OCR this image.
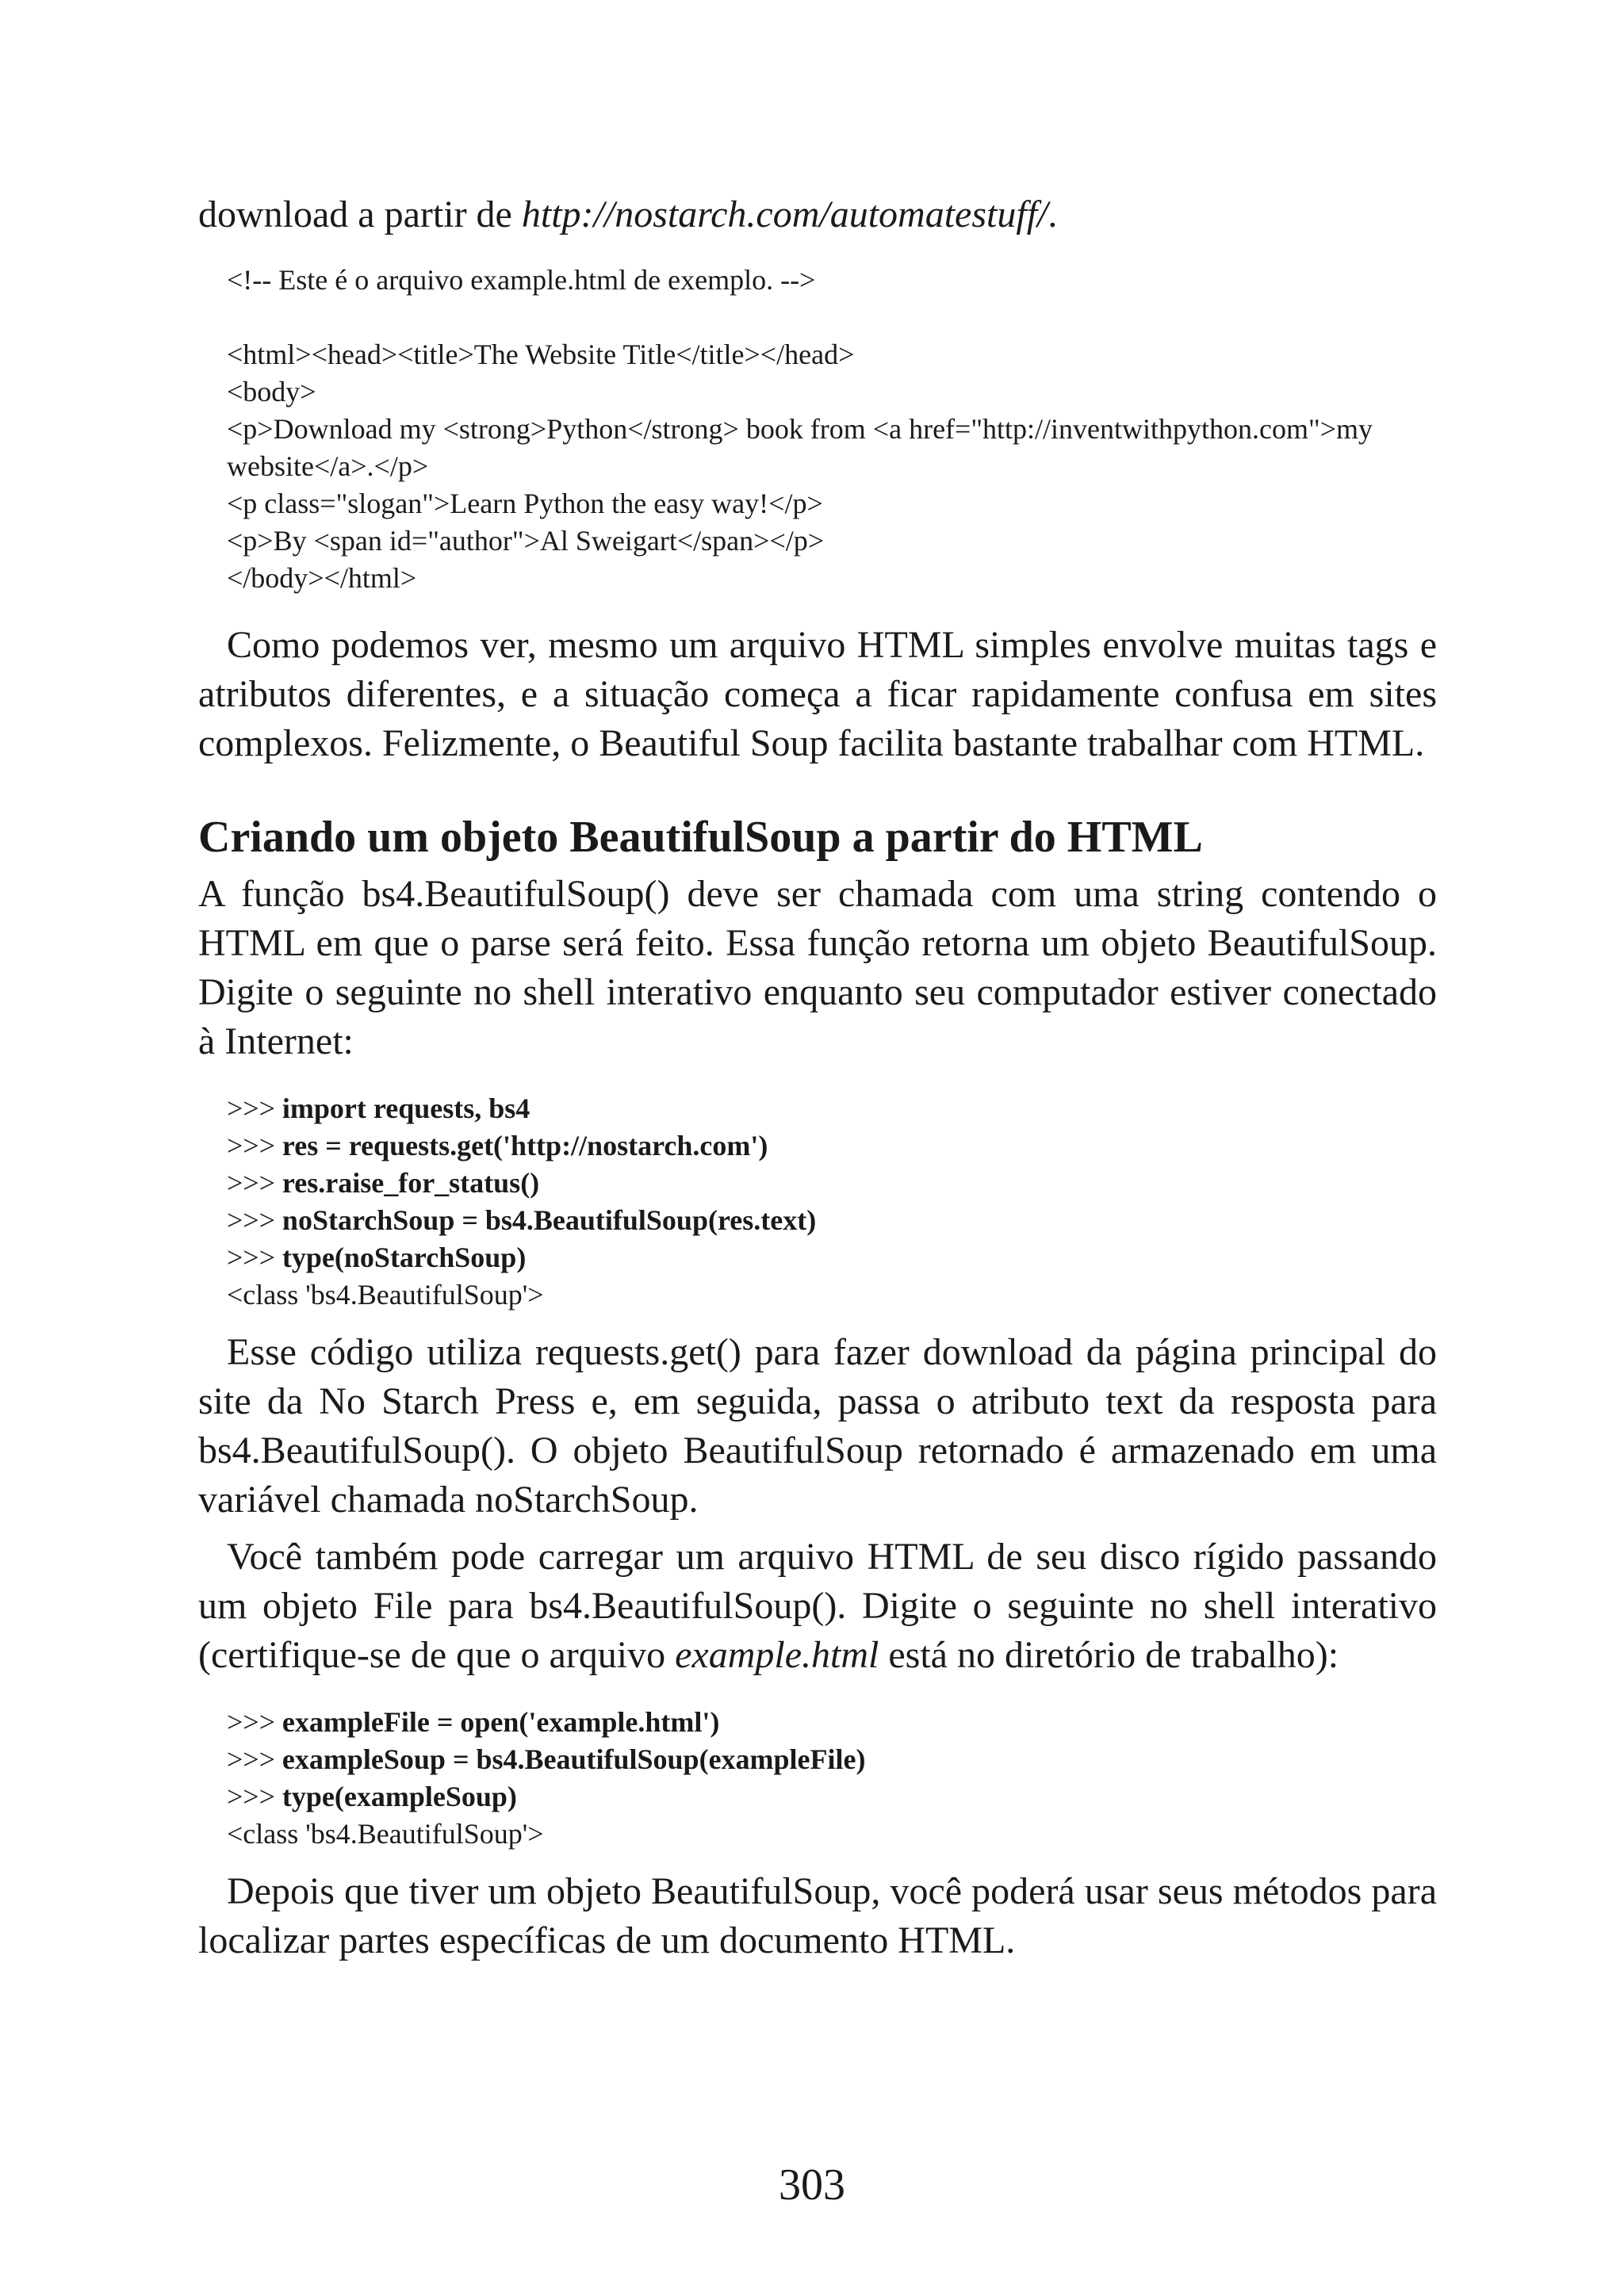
download a partir de http://nostarch.com/automatestuff/.

<!-- Este é o arquivo example.html de exemplo. -->

<html><head><title>The Website Title</title></head>

<body>

<p>Download my <strong>Python</strong> book from <a href="http://inventwithpython.com">my website</a>.</p>

<p class="slogan">Learn Python the easy way!</p>

<p>By <span id="author">Al Sweigart</span></p>

</body></html>

Como podemos ver, mesmo um arquivo HTML simples envolve muitas tags e atributos diferentes, e a situação começa a ficar rapidamente confusa em sites complexos. Felizmente, o Beautiful Soup facilita bastante trabalhar com HTML.

Criando um objeto BeautifulSoup a partir do HTML

A função bs4.BeautifulSoup() deve ser chamada com uma string contendo o HTML em que o parse será feito. Essa função retorna um objeto BeautifulSoup. Digite o seguinte no shell interativo enquanto seu computador estiver conectado à Internet:

>>> import requests, bs4

>>> res = requests.get('http://nostarch.com')

>>> res.raise_for_status()

>>> noStarchSoup = bs4.BeautifulSoup(res.text)

>>> type(noStarchSoup)

<class 'bs4.BeautifulSoup'>

Esse código utiliza requests.get() para fazer download da página principal do site da No Starch Press e, em seguida, passa o atributo text da resposta para bs4.BeautifulSoup(). O objeto BeautifulSoup retornado é armazenado em uma variável chamada noStarchSoup.

Você também pode carregar um arquivo HTML de seu disco rígido passando um objeto File para bs4.BeautifulSoup(). Digite o seguinte no shell interativo (certifique-se de que o arquivo example.html está no diretório de trabalho):

>>> exampleFile = open('example.html')

>>> exampleSoup = bs4.BeautifulSoup(exampleFile)

>>> type(exampleSoup)

<class 'bs4.BeautifulSoup'>

Depois que tiver um objeto BeautifulSoup, você poderá usar seus métodos para localizar partes específicas de um documento HTML.

303
